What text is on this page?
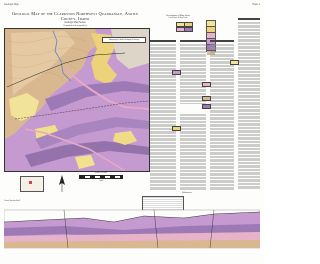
Geologic Map	Plate 1
Geologic Map of the Clarkston Northwest Quadrangle, Asotin County, Idaho
Geologic Map Series
Compiled and mapped by
Mapping by: Idaho Geological Survey
Scale 1:24,000
1 mile
Description of Map Units
Correlation of Map Units
References
Cross Section A–A'
